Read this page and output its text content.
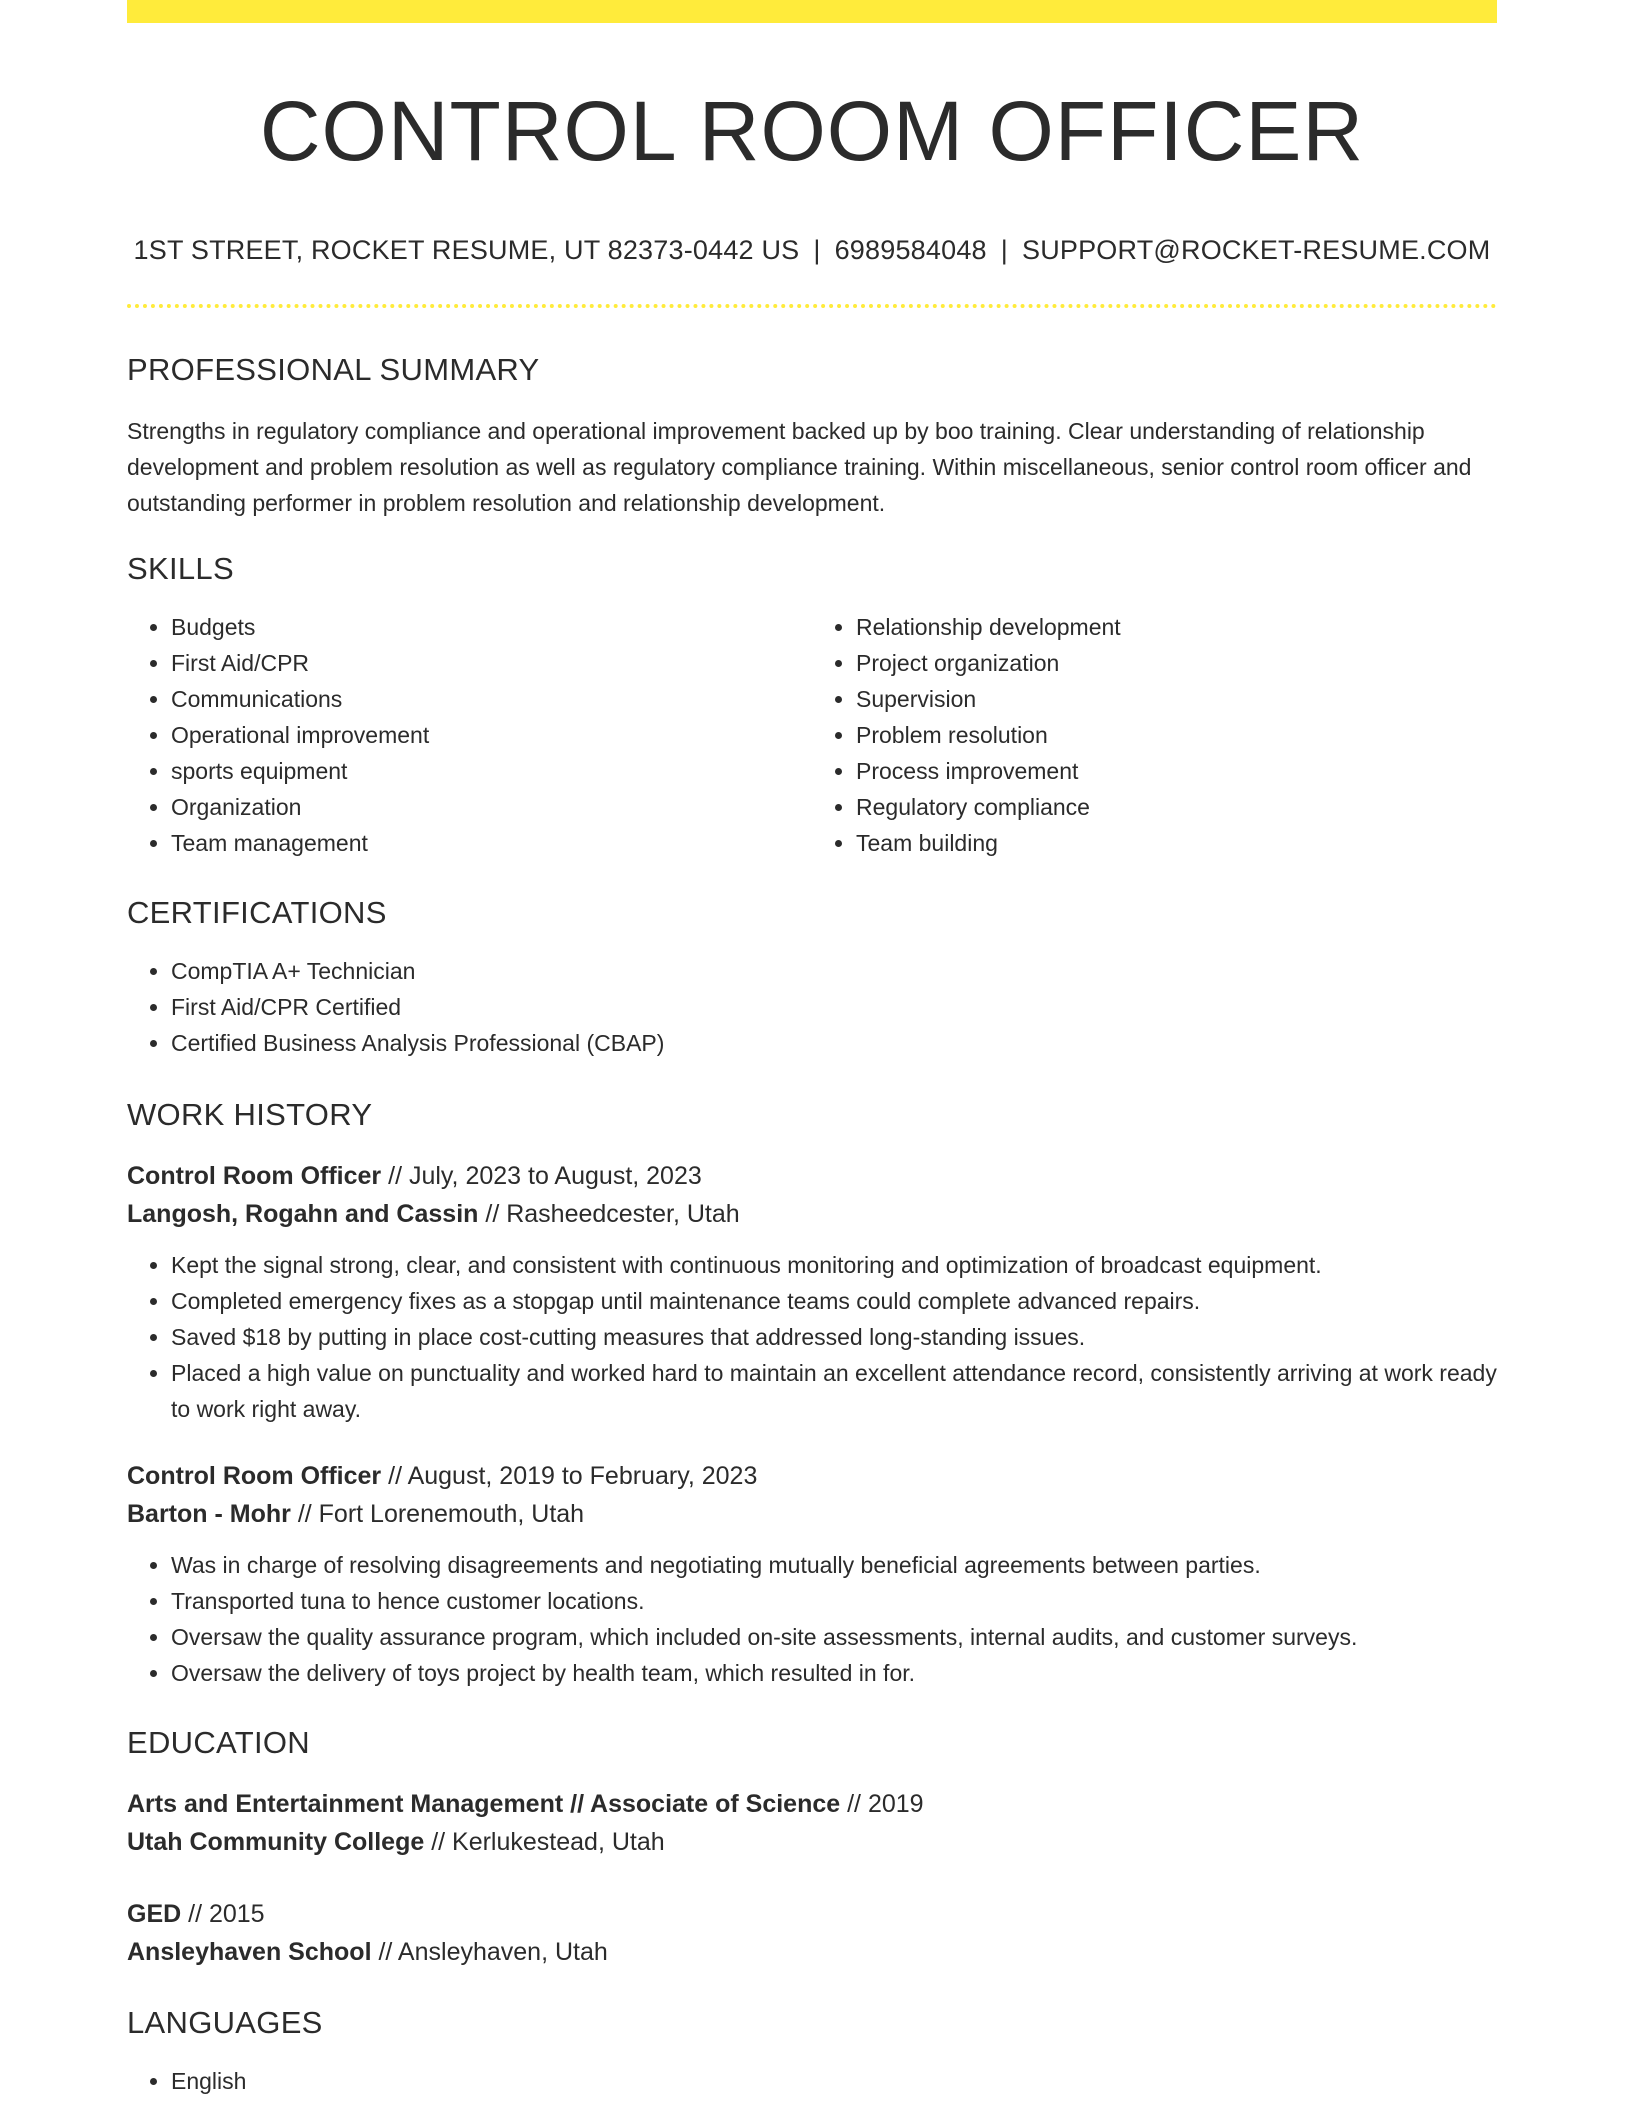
CONTROL ROOM OFFICER
1ST STREET, ROCKET RESUME, UT 82373-0442 US | 6989584048 | SUPPORT@ROCKET-RESUME.COM
PROFESSIONAL SUMMARY

Strengths in regulatory compliance and operational improvement backed up by boo training. Clear understanding of relationship development and problem resolution as well as regulatory compliance training. Within miscellaneous, senior control room officer and outstanding performer in problem resolution and relationship development.

SKILLS
• Budgets
• First Aid/CPR
• Communications
• Operational improvement
• sports equipment
• Organization
• Team management
• Relationship development
• Project organization
• Supervision
• Problem resolution
• Process improvement
• Regulatory compliance
• Team building
CERTIFICATIONS
• CompTIA A+ Technician
• First Aid/CPR Certified
• Certified Business Analysis Professional (CBAP)
WORK HISTORY
Control Room Officer // July, 2023 to August, 2023
Langosh, Rogahn and Cassin // Rasheedcester, Utah
• Kept the signal strong, clear, and consistent with continuous monitoring and optimization of broadcast equipment.
• Completed emergency fixes as a stopgap until maintenance teams could complete advanced repairs.
• Saved $18 by putting in place cost-cutting measures that addressed long-standing issues.
• Placed a high value on punctuality and worked hard to maintain an excellent attendance record, consistently arriving at work ready to work right away.
Control Room Officer // August, 2019 to February, 2023
Barton - Mohr // Fort Lorenemouth, Utah
• Was in charge of resolving disagreements and negotiating mutually beneficial agreements between parties.
• Transported tuna to hence customer locations.
• Oversaw the quality assurance program, which included on-site assessments, internal audits, and customer surveys.
• Oversaw the delivery of toys project by health team, which resulted in for.
EDUCATION
Arts and Entertainment Management // Associate of Science // 2019
Utah Community College // Kerlukestead, Utah
GED // 2015
Ansleyhaven School // Ansleyhaven, Utah
LANGUAGES
• English
